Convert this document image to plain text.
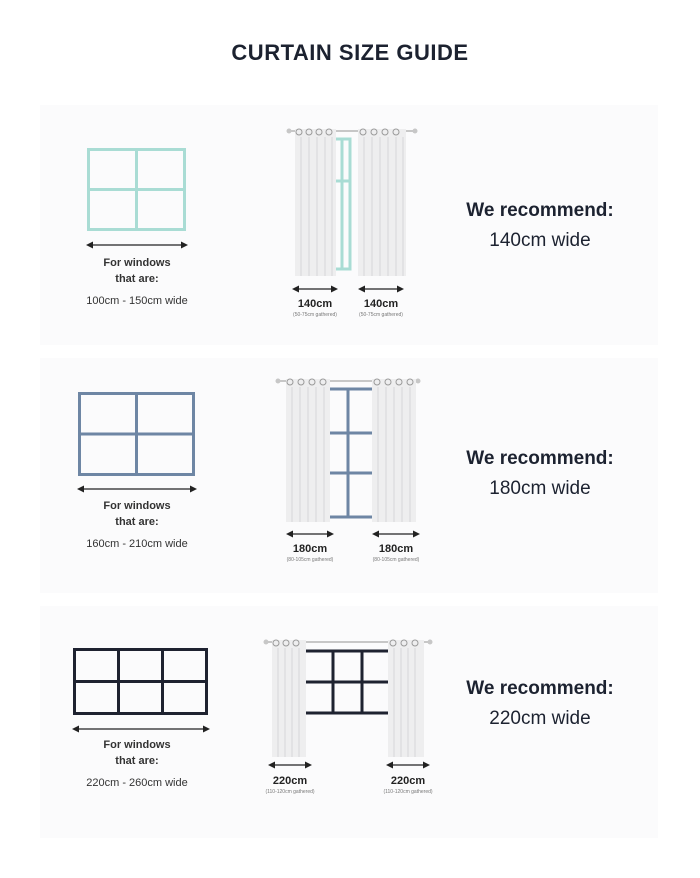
CURTAIN SIZE GUIDE
For windows that are:
100cm - 150cm wide	140cm
(50-75cm gathered)
140cm
(50-75cm gathered)
We recommend:
140cm wide
For windows that are:
160cm - 210cm wide	180cm
(80-105cm gathered)
180cm
(80-105cm gathered)
We recommend:
180cm wide
For windows that are:
220cm - 260cm wide	220cm
(110-120cm gathered)
220cm
(110-120cm gathered)
We recommend:
220cm wide
